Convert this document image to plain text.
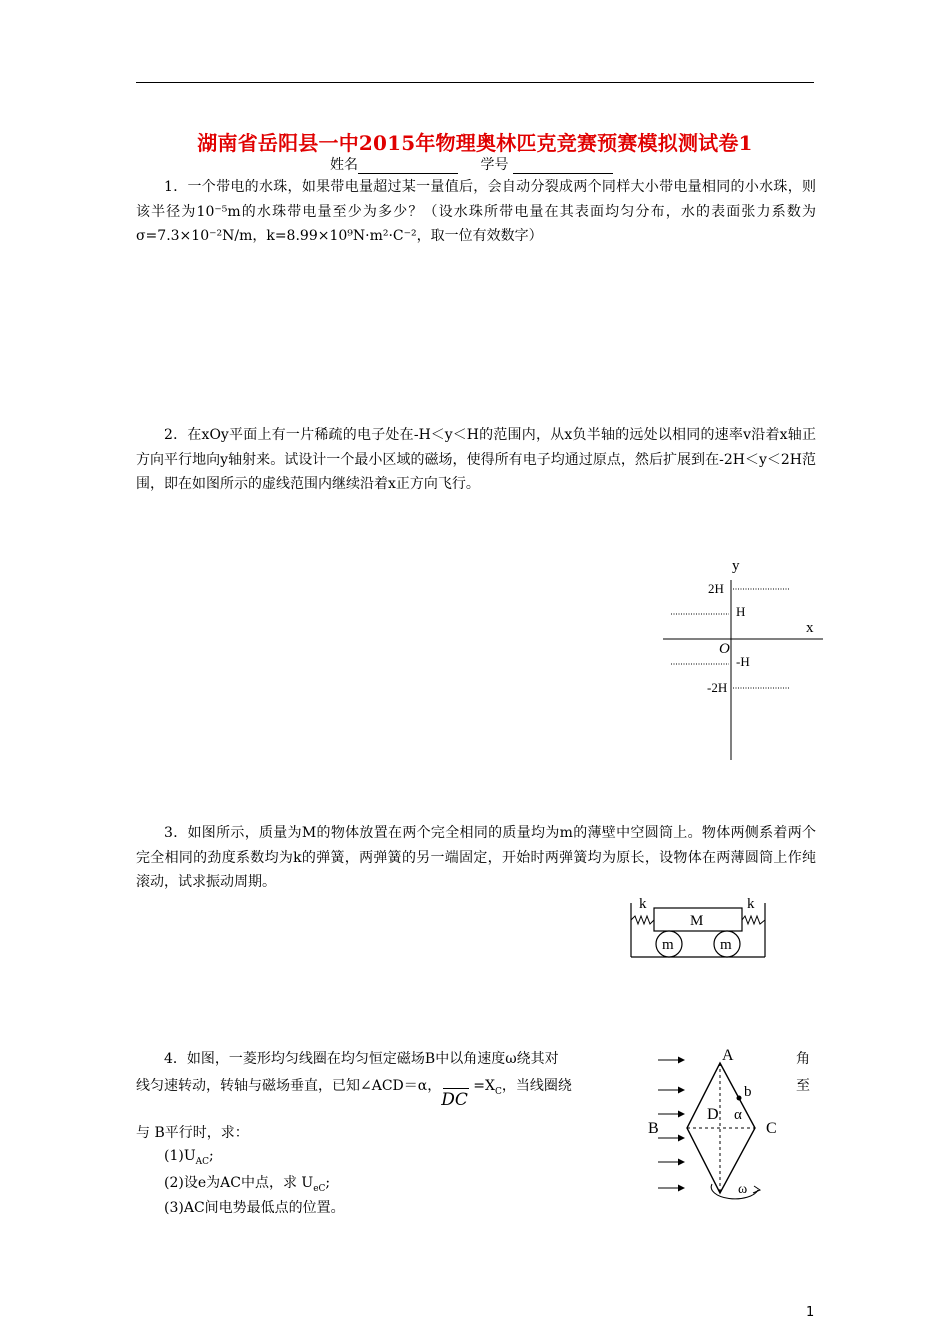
湖南省岳阳县一中2015年物理奥林匹克竞赛预赛模拟测试卷1
姓名	学号
1．一个带电的水珠，如果带电量超过某一量值后，会自动分裂成两个同样大小带电量相同的小水珠，则该半径为10⁻⁵m的水珠带电量至少为多少？（设水珠所带电量在其表面均匀分布，水的表面张力系数为σ=7.3×10⁻²N/m，k=8.99×10⁹N·m²·C⁻²，取一位有效数字）
2．在xOy平面上有一片稀疏的电子处在-H＜y＜H的范围内，从x负半轴的远处以相同的速率v沿着x轴正方向平行地向y轴射来。试设计一个最小区域的磁场，使得所有电子均通过原点，然后扩展到在-2H＜y＜2H范围，即在如图所示的虚线范围内继续沿着x正方向飞行。
y
x
O
2H
H
-H
-2H
3．如图所示，质量为M的物体放置在两个完全相同的质量均为m的薄壁中空圆筒上。物体两侧系着两个完全相同的劲度系数均为k的弹簧，两弹簧的另一端固定，开始时两弹簧均为原长，设物体在两薄圆筒上作纯滚动，试求振动周期。
k	k
M
m	m
4．如图，一菱形均匀线圈在均匀恒定磁场B中以角速度ω绕其对	角
线匀速转动，转轴与磁场垂直，已知∠ACD＝α，
DC
$=X_C$，当线圈绕	至
与 B平行时，求：
$(1)U_{AC}$;
(2)设e为AC中点，求 $U_{eC}$;
(3)AC间电势最低点的位置。
A
B	C
D
b
α
ω
1
